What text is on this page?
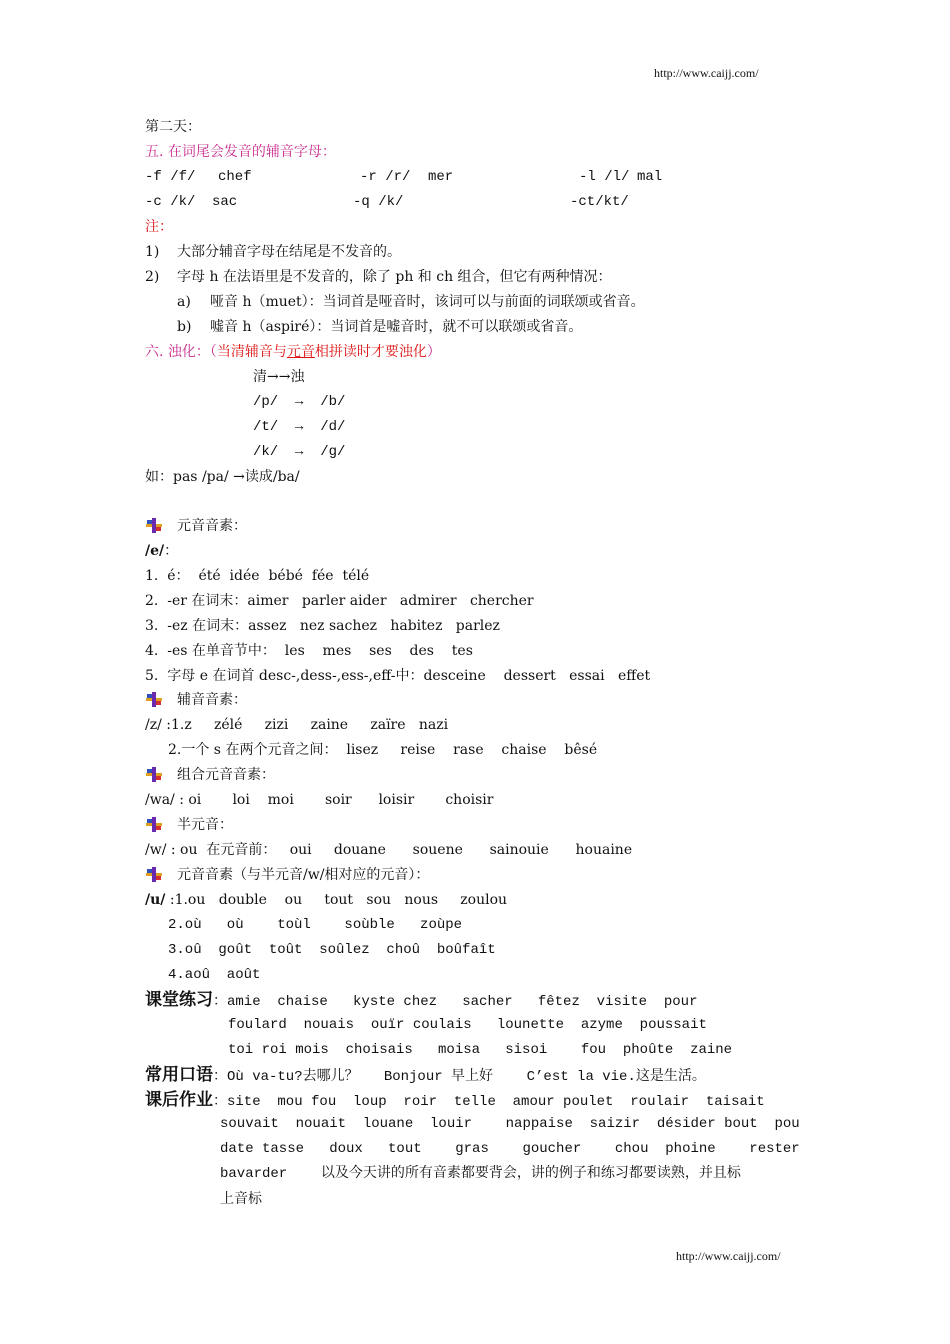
http://www.caijj.com/
http://www.caijj.com/
第二天：
五. 在词尾会发音的辅音字母：
-f /f/ chef	-r /r/ mer	-l /l/ mal
-c /k/ sac	-q /k/	-ct/kt/
注：
1) 大部分辅音字母在结尾是不发音的。
2) 字母 h 在法语里是不发音的，除了 ph 和 ch 组合，但它有两种情况：
a) 哑音 h（muet）：当词首是哑音时，该词可以与前面的词联颂或省音。
b) 嘘音 h（aspiré）：当词首是嘘音时，就不可以联颂或省音。
六. 浊化：（当清辅音与元音相拼读时才要浊化）
清→→浊
/p/  →  /b/
/t/  →  /d/
/k/  →  /g/
如：pas /pa/ →读成/ba/
元音音素：
/e/：
1.  é：  été  idée  bébé  fée  télé
2.  -er 在词末：aimer   parler aider   admirer   chercher
3.  -ez 在词末：assez   nez sachez   habitez   parlez
4.  -es 在单音节中：  les    mes    ses    des    tes
5.  字母 e 在词首 desc-,dess-,ess-,eff-中：desceine    dessert   essai   effet
辅音音素：
/z/ :1.z     zélé     zizi     zaine     zaïre   nazi
2.一个 s 在两个元音之间：  lisez     reise    rase    chaise    bêsé
组合元音音素：
/wa/ : oi       loi    moi       soir      loisir       choisir
半元音：
/w/ : ou  在元音前：   oui     douane      souene      sainouie      houaine
元音音素（与半元音/w/相对应的元音）：
/u/ :1.ou   double    ou     tout   sou   nous     zoulou
2.où   où    toùl    soùble   zoùpe
3.oû  goût  toût  soûlez  choû  boûfaît
4.aoû  août
课堂练习：amie  chaise   kyste chez   sacher   fêtez  visite  pour
foulard  nouais  ouïr coulais   lounette  azyme  poussait
toi roi mois  choisais   moisa   sisoi    fou  phoûte  zaine
常用口语：Où va-tu?去哪儿？   Bonjour 早上好    C’est la vie.这是生活。
课后作业：site  mou fou  loup  roir  telle  amour poulet  roulair  taisait
souvait  nouait  louane  louir    nappaise  saizir  désider bout  pou
date tasse   doux   tout    gras    goucher    chou  phoine    rester
bavarder    以及今天讲的所有音素都要背会，讲的例子和练习都要读熟，并且标
上音标
